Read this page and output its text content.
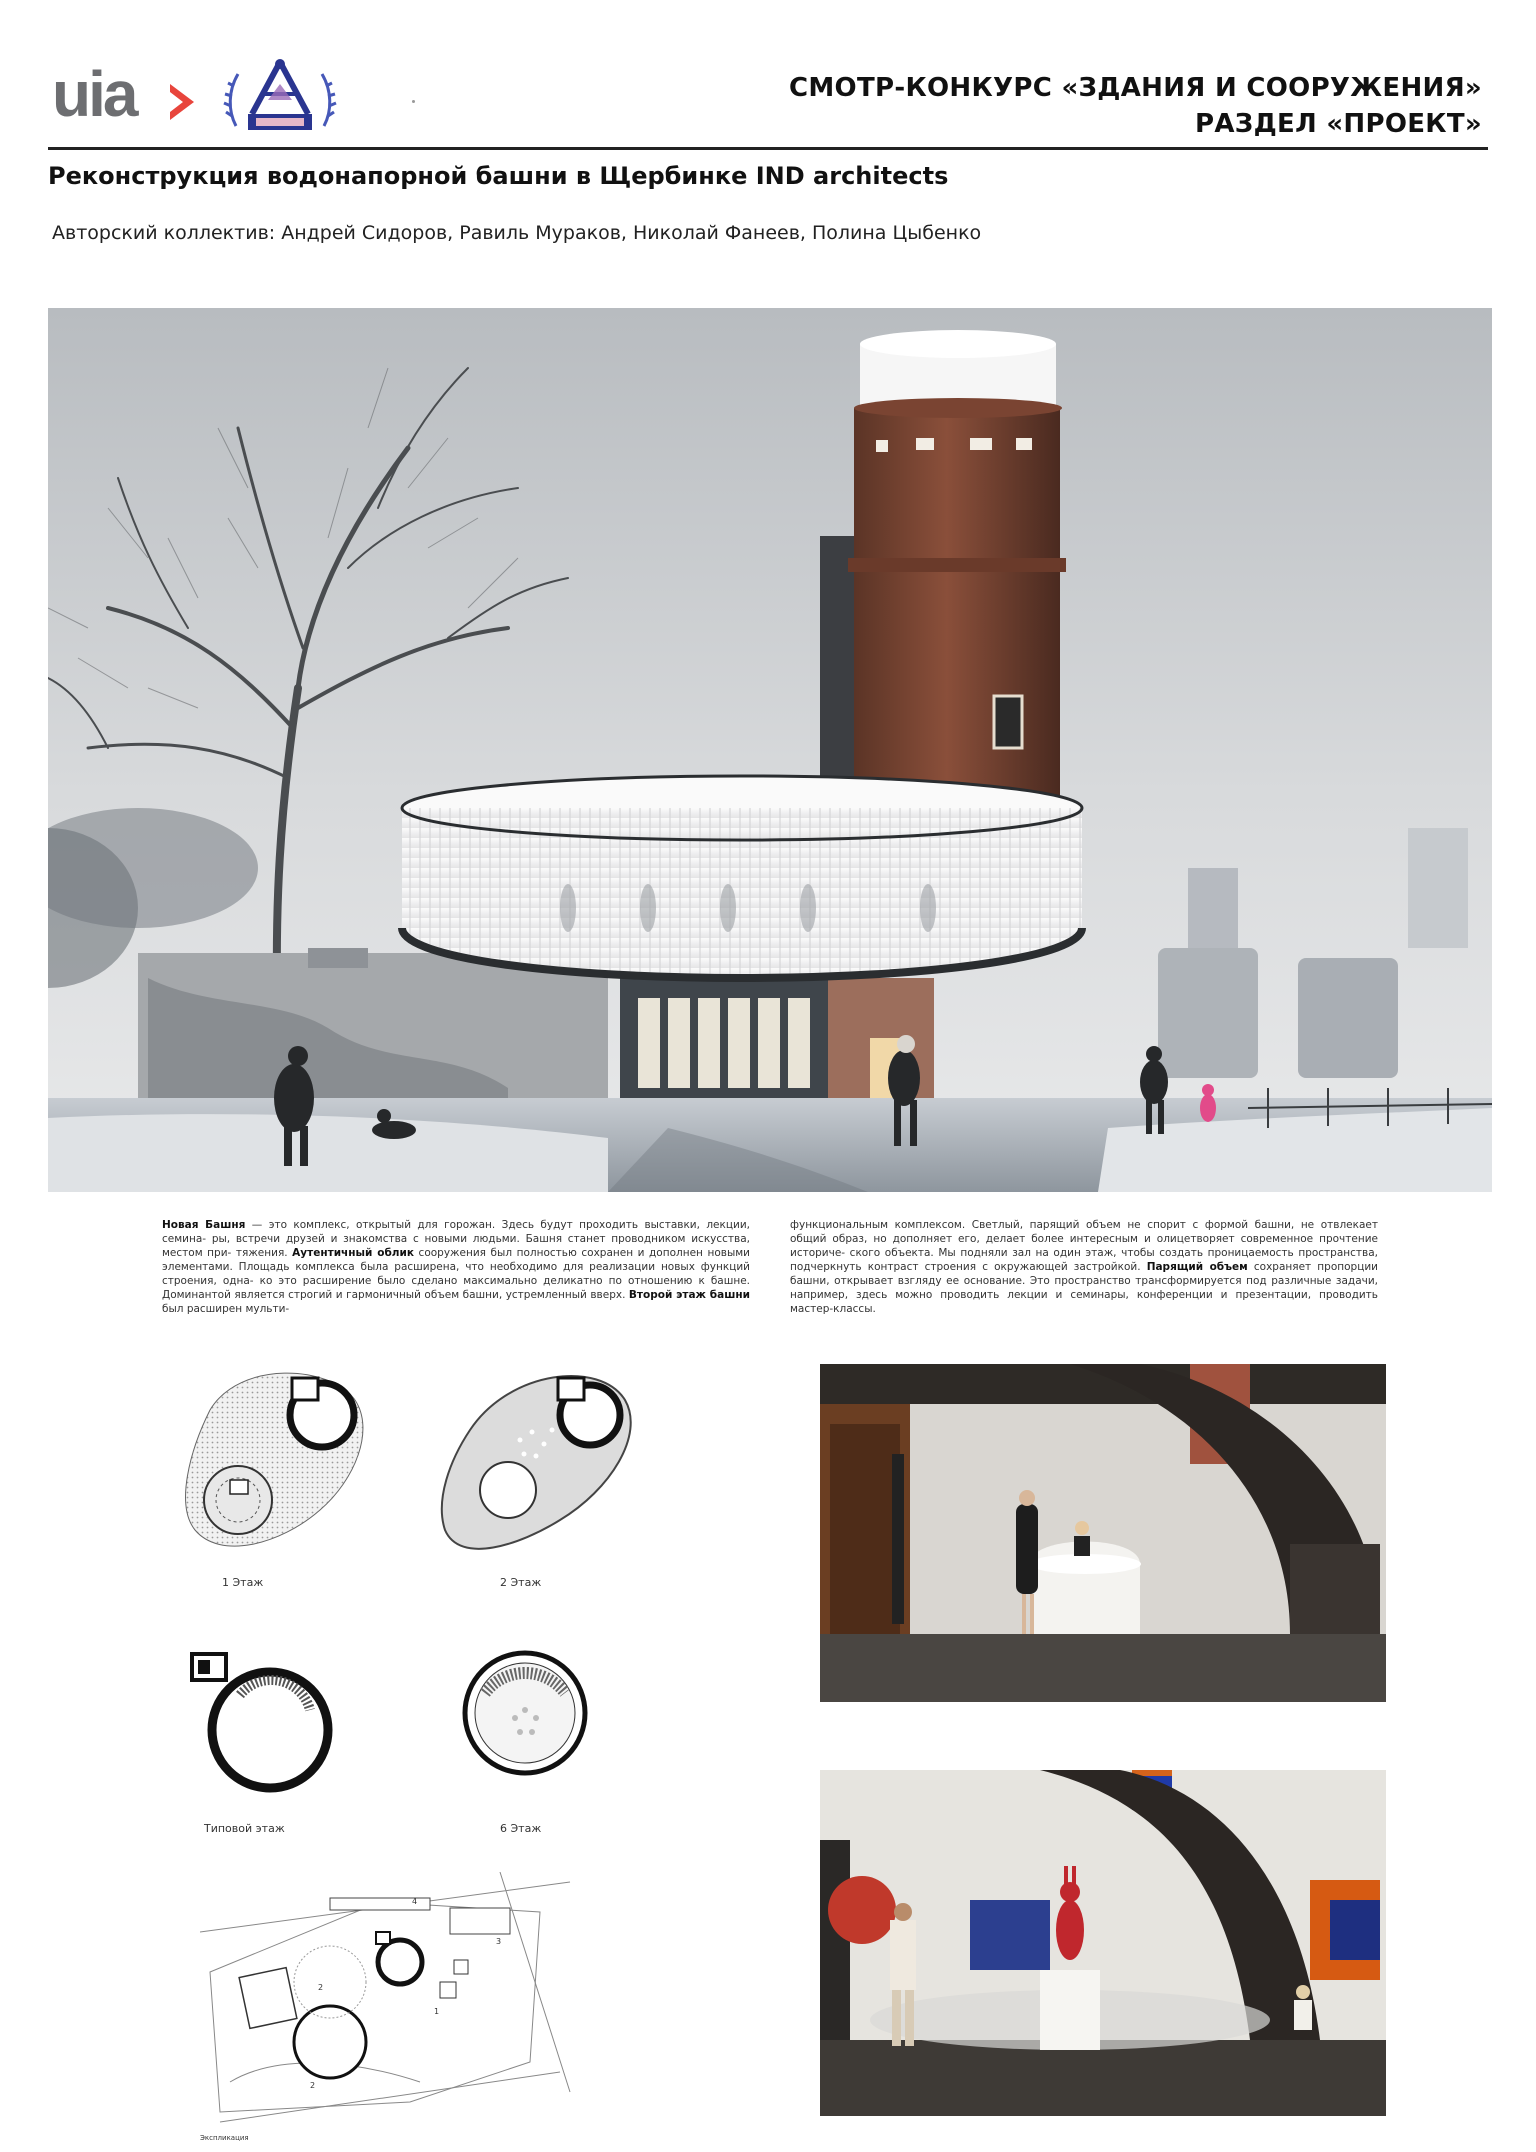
uia	СМОТР-КОНКУРС «ЗДАНИЯ И СООРУЖЕНИЯ»
РАЗДЕЛ «ПРОЕКТ»
Реконструкция водонапорной башни в Щербинке IND architects
Авторский коллектив: Андрей Сидоров, Равиль Мураков, Николай Фанеев, Полина Цыбенко
Новая Башня — это комплекс, открытый для горожан. Здесь будут проходить выставки, лекции, семина- ры, встречи друзей и знакомства с новыми людьми. Башня станет проводником искусства, местом при- тяжения. Аутентичный облик сооружения был полностью сохранен и дополнен новыми элементами. Площадь комплекса была расширена, что необходимо для реализации новых функций строения, одна- ко это расширение было сделано максимально деликатно по отношению к башне. Доминантой является строгий и гармоничный объем башни, устремленный вверх. Второй этаж башни был расширен мульти-
функциональным комплексом. Светлый, парящий объем не спорит с формой башни, не отвлекает общий образ, но дополняет его, делает более интересным и олицетворяет современное прочтение историче- ского объекта. Мы подняли зал на один этаж, чтобы создать проницаемость пространства, подчеркнуть контраст строения с окружающей застройкой. Парящий объем сохраняет пропорции башни, открывает взгляду ее основание. Это пространство трансформируется под различные задачи, например, здесь можно проводить лекции и семинары, конференции и презентации, проводить мастер-классы.
1 Этаж	2 Этаж
Типовой этаж	6 Этаж
1
2
2
3
4
Экспликация
